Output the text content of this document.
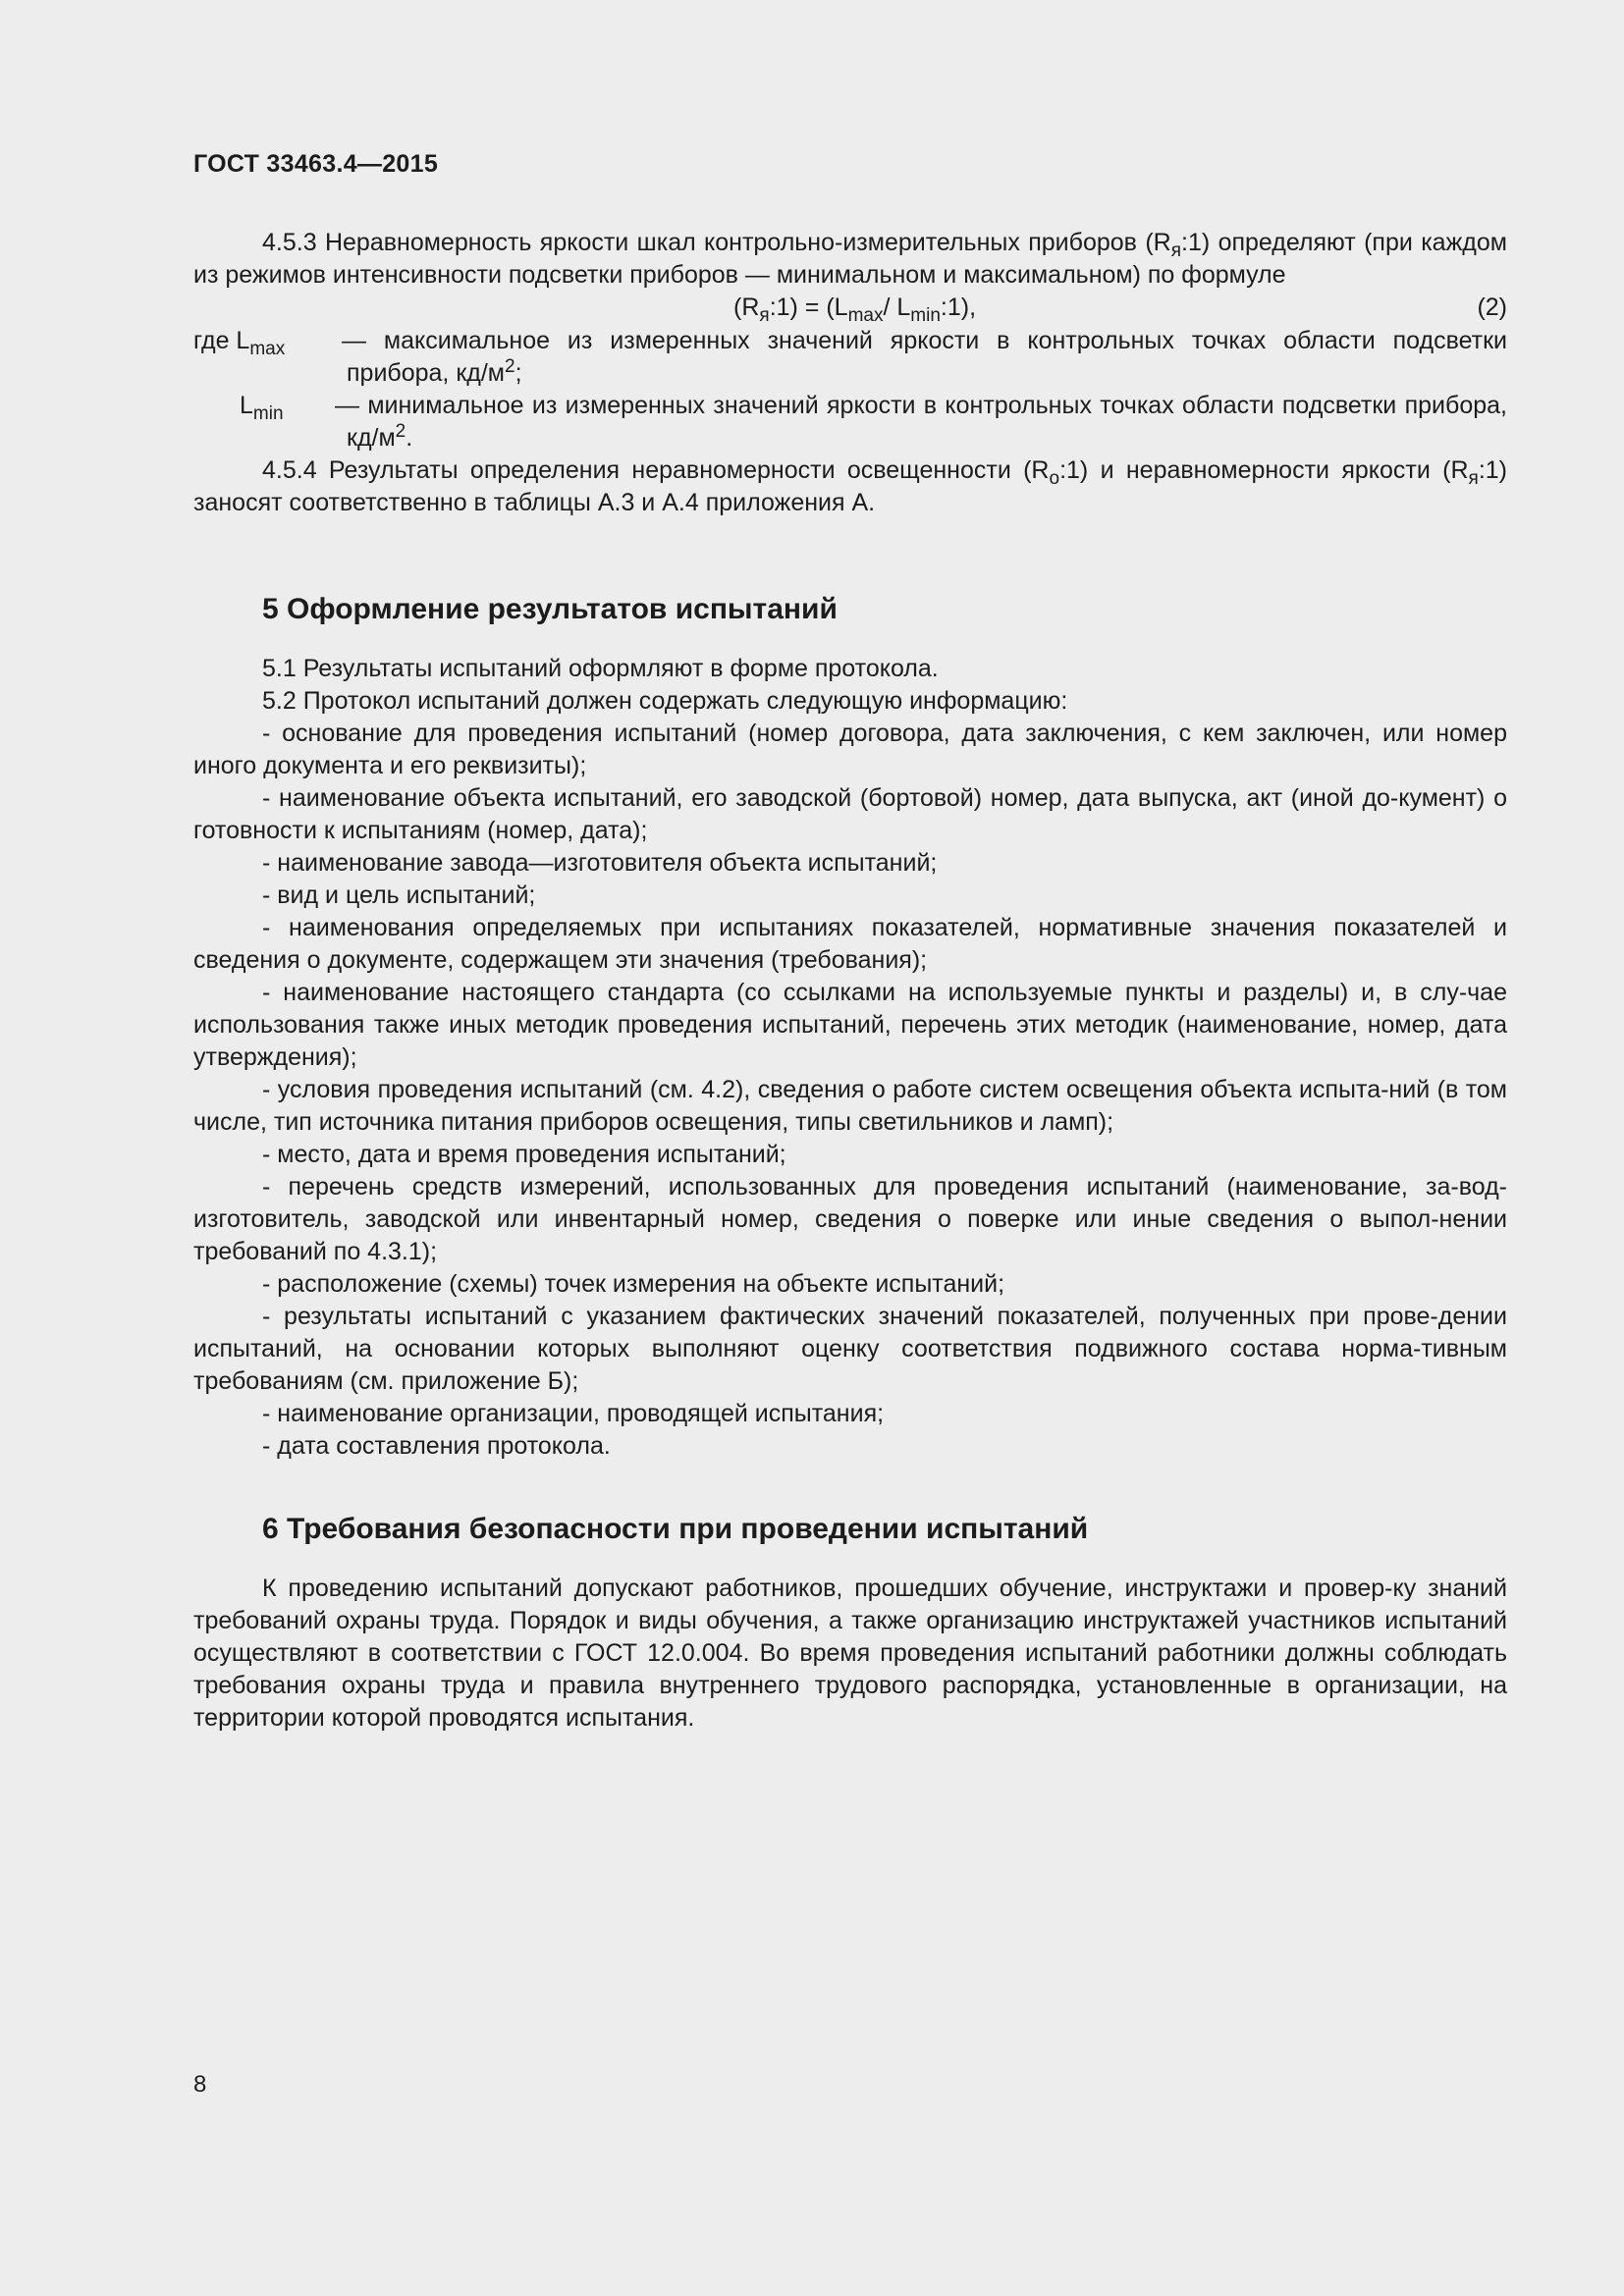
ГОСТ 33463.4—2015

4.5.3 Неравномерность яркости шкал контрольно-измерительных приборов $(R_я:1)$ определяют (при каждом из режимов интенсивности подсветки приборов — минимальном и максимальном) по формуле

$(R_я:1) = (L_{max}/$ $L_{min}:1$),	(2)
где $L_{max}$ — максимальное из измеренных значений яркости в контрольных точках области подсветки прибора, $кд/м^2$;
$L_{min}$ — минимальное из измеренных значений яркости в контрольных точках области подсветки прибора, $кд/м^2$.

4.5.4 Результаты определения неравномерности освещенности $(R_o:1)$ и неравномерности яркости $(R_я:1)$ заносят соответственно в таблицы А.3 и А.4 приложения А.

5 Оформление результатов испытаний

5.1 Результаты испытаний оформляют в форме протокола.

5.2 Протокол испытаний должен содержать следующую информацию:

- основание для проведения испытаний (номер договора, дата заключения, с кем заключен, или номер иного документа и его реквизиты);

- наименование объекта испытаний, его заводской (бортовой) номер, дата выпуска, акт (иной до-кумент) о готовности к испытаниям (номер, дата);

- наименование завода—изготовителя объекта испытаний;

- вид и цель испытаний;

- наименования определяемых при испытаниях показателей, нормативные значения показателей и сведения о документе, содержащем эти значения (требования);

- наименование настоящего стандарта (со ссылками на используемые пункты и разделы) и, в слу-чае использования также иных методик проведения испытаний, перечень этих методик (наименование, номер, дата утверждения);

- условия проведения испытаний (см. 4.2), сведения о работе систем освещения объекта испыта-ний (в том числе, тип источника питания приборов освещения, типы светильников и ламп);

- место, дата и время проведения испытаний;

- перечень средств измерений, использованных для проведения испытаний (наименование, за-вод-изготовитель, заводской или инвентарный номер, сведения о поверке или иные сведения о выпол-нении требований по 4.3.1);

- расположение (схемы) точек измерения на объекте испытаний;

- результаты испытаний с указанием фактических значений показателей, полученных при прове-дении испытаний, на основании которых выполняют оценку соответствия подвижного состава норма-тивным требованиям (см. приложение Б);

- наименование организации, проводящей испытания;

- дата составления протокола.

6 Требования безопасности при проведении испытаний

К проведению испытаний допускают работников, прошедших обучение, инструктажи и провер-ку знаний требований охраны труда. Порядок и виды обучения, а также организацию инструктажей участников испытаний осуществляют в соответствии с ГОСТ 12.0.004. Во время проведения испытаний работники должны соблюдать требования охраны труда и правила внутреннего трудового распорядка, установленные в организации, на территории которой проводятся испытания.

8
